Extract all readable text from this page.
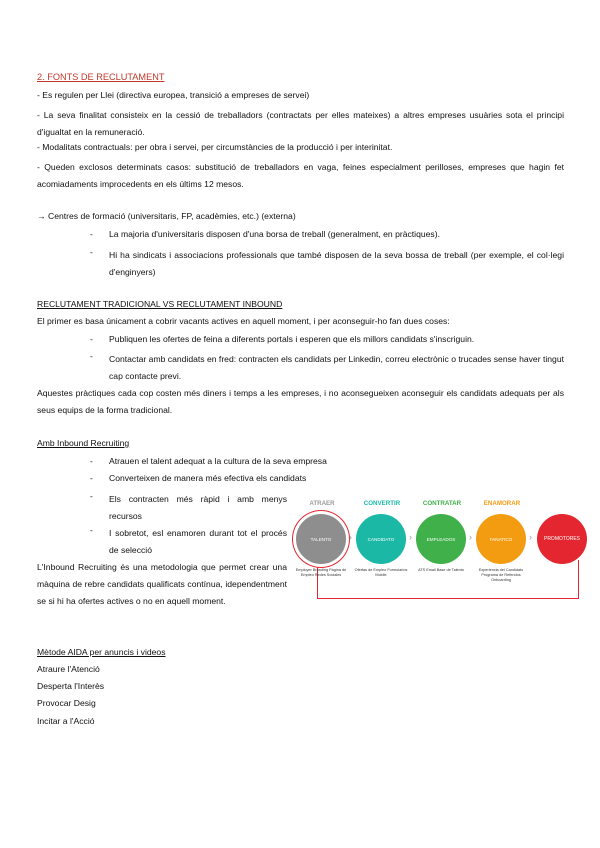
2. FONTS DE RECLUTAMENT
- Es regulen per Llei (directiva europea, transició a empreses de servei)
- La seva finalitat consisteix en la cessió de treballadors (contractats per elles mateixes) a altres empreses usuàries sota el principi d'igualtat en la remuneració.
- Modalitats contractuals: per obra i servei, per circumstàncies de la producció i per interinitat.
- Queden exclosos determinats casos: substitució de treballadors en vaga, feines especialment perilloses, empreses que hagin fet acomiadaments improcedents en els últims 12 mesos.
→ Centres de formació (universitaris, FP, acadèmies, etc.) (externa)
- La majoria d'universitaris disposen d'una borsa de treball (generalment, en pràctiques).
- Hi ha sindicats i associacions professionals que també disposen de la seva bossa de treball (per exemple, el col·legi d'enginyers)
RECLUTAMENT TRADICIONAL VS RECLUTAMENT INBOUND
El primer es basa únicament a cobrir vacants actives en aquell moment, i per aconseguir-ho fan dues coses:
- Publiquen les ofertes de feina a diferents portals i esperen que els millors candidats s'inscriguin.
- Contactar amb candidats en fred: contracten els candidats per Linkedin, correu electrònic o trucades sense haver tingut cap contacte previ.
Aquestes pràctiques cada cop costen més diners i temps a les empreses, i no aconsegueixen aconseguir els candidats adequats per als seus equips de la forma tradicional.
Amb Inbound Recruiting
- Atrauen el talent adequat a la cultura de la seva empresa
- Converteixen de manera més efectiva els candidats
- Els contracten més ràpid i amb menys recursos
- I sobretot, esl enamoren durant tot el procés de selecció
L'Inbound Recruiting és una metodologia que permet crear una màquina de rebre candidats qualificats contínua, idependentment se si hi ha ofertes actives o no en aquell moment.
ATRAER	CONVERTIR	CONTRATAR	ENAMORAR
TALENTO	›	CANDIDATO	›	EMPLEADOS	›	FANATICO	›	PROMOTORES
Employer Branding Página de Empleo Redes Sociales
Ofertas de Empleo Formularios Mobile
ATS Email Base de Talento	Experiencia del Candidato Programa de Referidos Onboarding
Mètode AIDA per anuncis i videos
Atraure l'Atenció
Desperta l'Interès
Provocar Desig
Incitar a l'Acció
